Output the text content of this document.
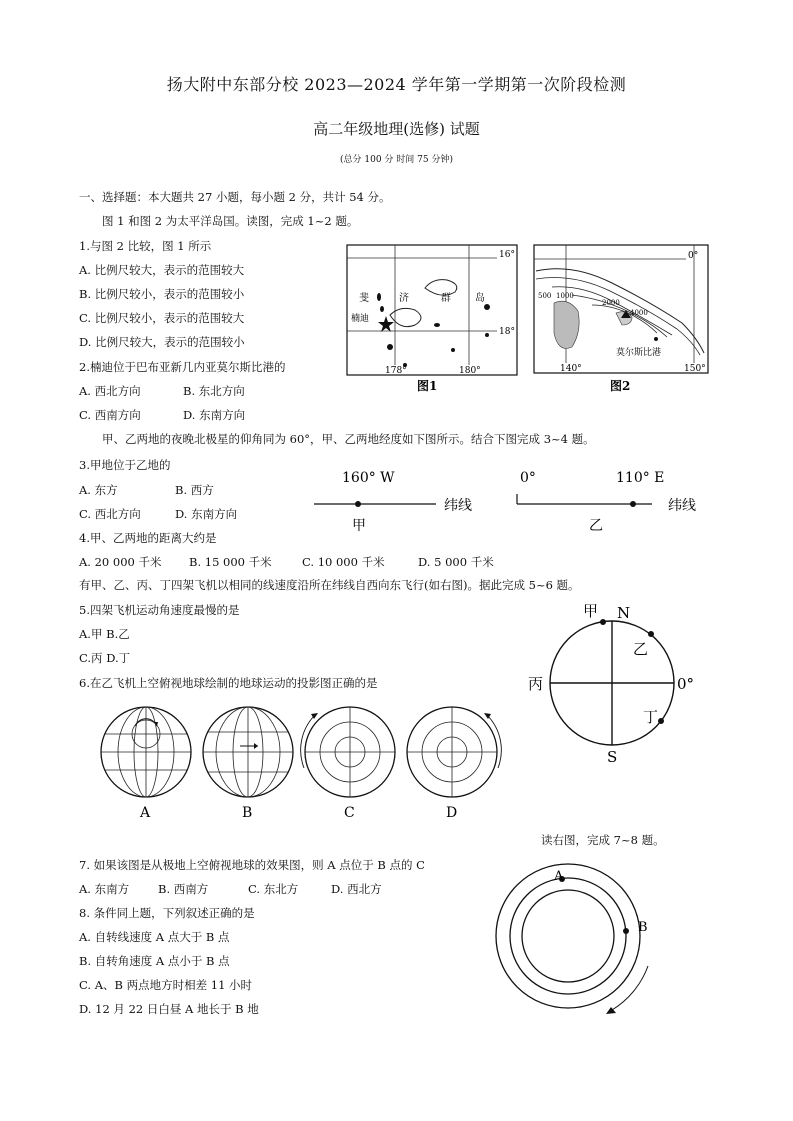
扬大附中东部分校 2023—2024 学年第一学期第一次阶段检测
高二年级地理(选修) 试题
(总分 100 分 时间 75 分钟)
一、选择题：本大题共 27 小题，每小题 2 分，共计 54 分。
图 1 和图 2 为太平洋岛国。读图，完成 1~2 题。
1.与图 2 比较，图 1 所示
A. 比例尺较大，表示的范围较大
B. 比例尺较小，表示的范围较小
C. 比例尺较小，表示的范围较大
D. 比例尺较大，表示的范围较小
2.楠迪位于巴布亚新几内亚莫尔斯比港的
A. 西北方向	B. 东北方向
C. 西南方向	D. 东南方向
16°
18°
178°	180°
斐	济	群 岛
楠迪
图1
0°
500 1000
2000
4000
莫尔斯比港
140°	150°
图2
甲、乙两地的夜晚北极星的仰角同为 60°，甲、乙两地经度如下图所示。结合下图完成 3~4 题。
3.甲地位于乙地的
A. 东方	B. 西方
C. 西北方向	D. 东南方向
160° W
纬线
甲
0°	110° E
纬线
乙
4.甲、乙两地的距离大约是
A. 20 000 千米 B. 15 000 千米	C. 10 000 千米	D. 5 000 千米
有甲、乙、丙、丁四架飞机以相同的线速度沿所在纬线自西向东飞行(如右图)。据此完成 5~6 题。
5.四架飞机运动角速度最慢的是
A.甲 B.乙
C.丙 D.丁
甲 N
乙
丙	0°
丁
S
6.在乙飞机上空俯视地球绘制的地球运动的投影图正确的是
A	B	C	D
读右图，完成 7~8 题。
7. 如果该图是从极地上空俯视地球的效果图，则 A 点位于 B 点的 C
A. 东南方	B. 西南方	C. 东北方	D. 西北方
8. 条件同上题，下列叙述正确的是
A. 自转线速度 A 点大于 B 点
B. 自转角速度 A 点小于 B 点
C. A、B 两点地方时相差 11 小时
D. 12 月 22 日白昼 A 地长于 B 地
A
B
